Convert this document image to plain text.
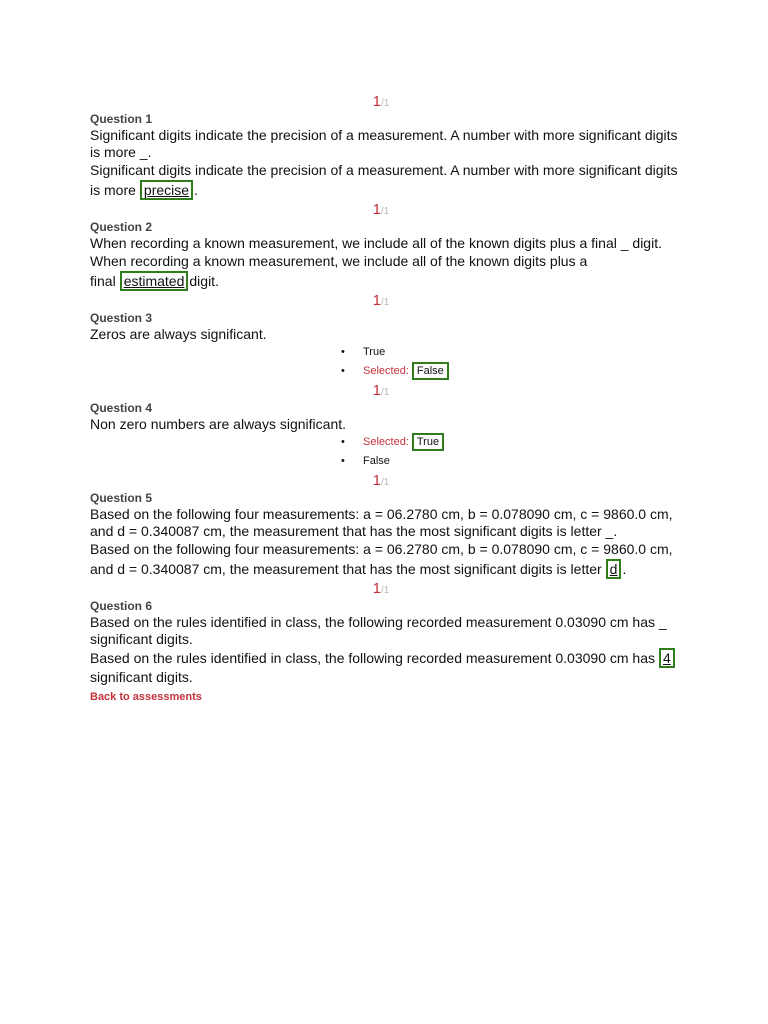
1/1
Question 1
Significant digits indicate the precision of a measurement. A number with more significant digits is more _.
Significant digits indicate the precision of a measurement. A number with more significant digits is more precise .
1/1
Question 2
When recording a known measurement, we include all of the known digits plus a final _ digit.
When recording a known measurement, we include all of the known digits plus a final estimated digit.
1/1
Question 3
Zeros are always significant.
• True
• Selected: False
1/1
Question 4
Non zero numbers are always significant.
• Selected: True
• False
1/1
Question 5
Based on the following four measurements: a = 06.2780 cm, b = 0.078090 cm, c = 9860.0 cm, and d = 0.340087 cm, the measurement that has the most significant digits is letter _.
Based on the following four measurements: a = 06.2780 cm, b = 0.078090 cm, c = 9860.0 cm, and d = 0.340087 cm, the measurement that has the most significant digits is letter d .
1/1
Question 6
Based on the rules identified in class, the following recorded measurement 0.03090 cm has _ significant digits.
Based on the rules identified in class, the following recorded measurement 0.03090 cm has 4significant digits.
Back to assessments
